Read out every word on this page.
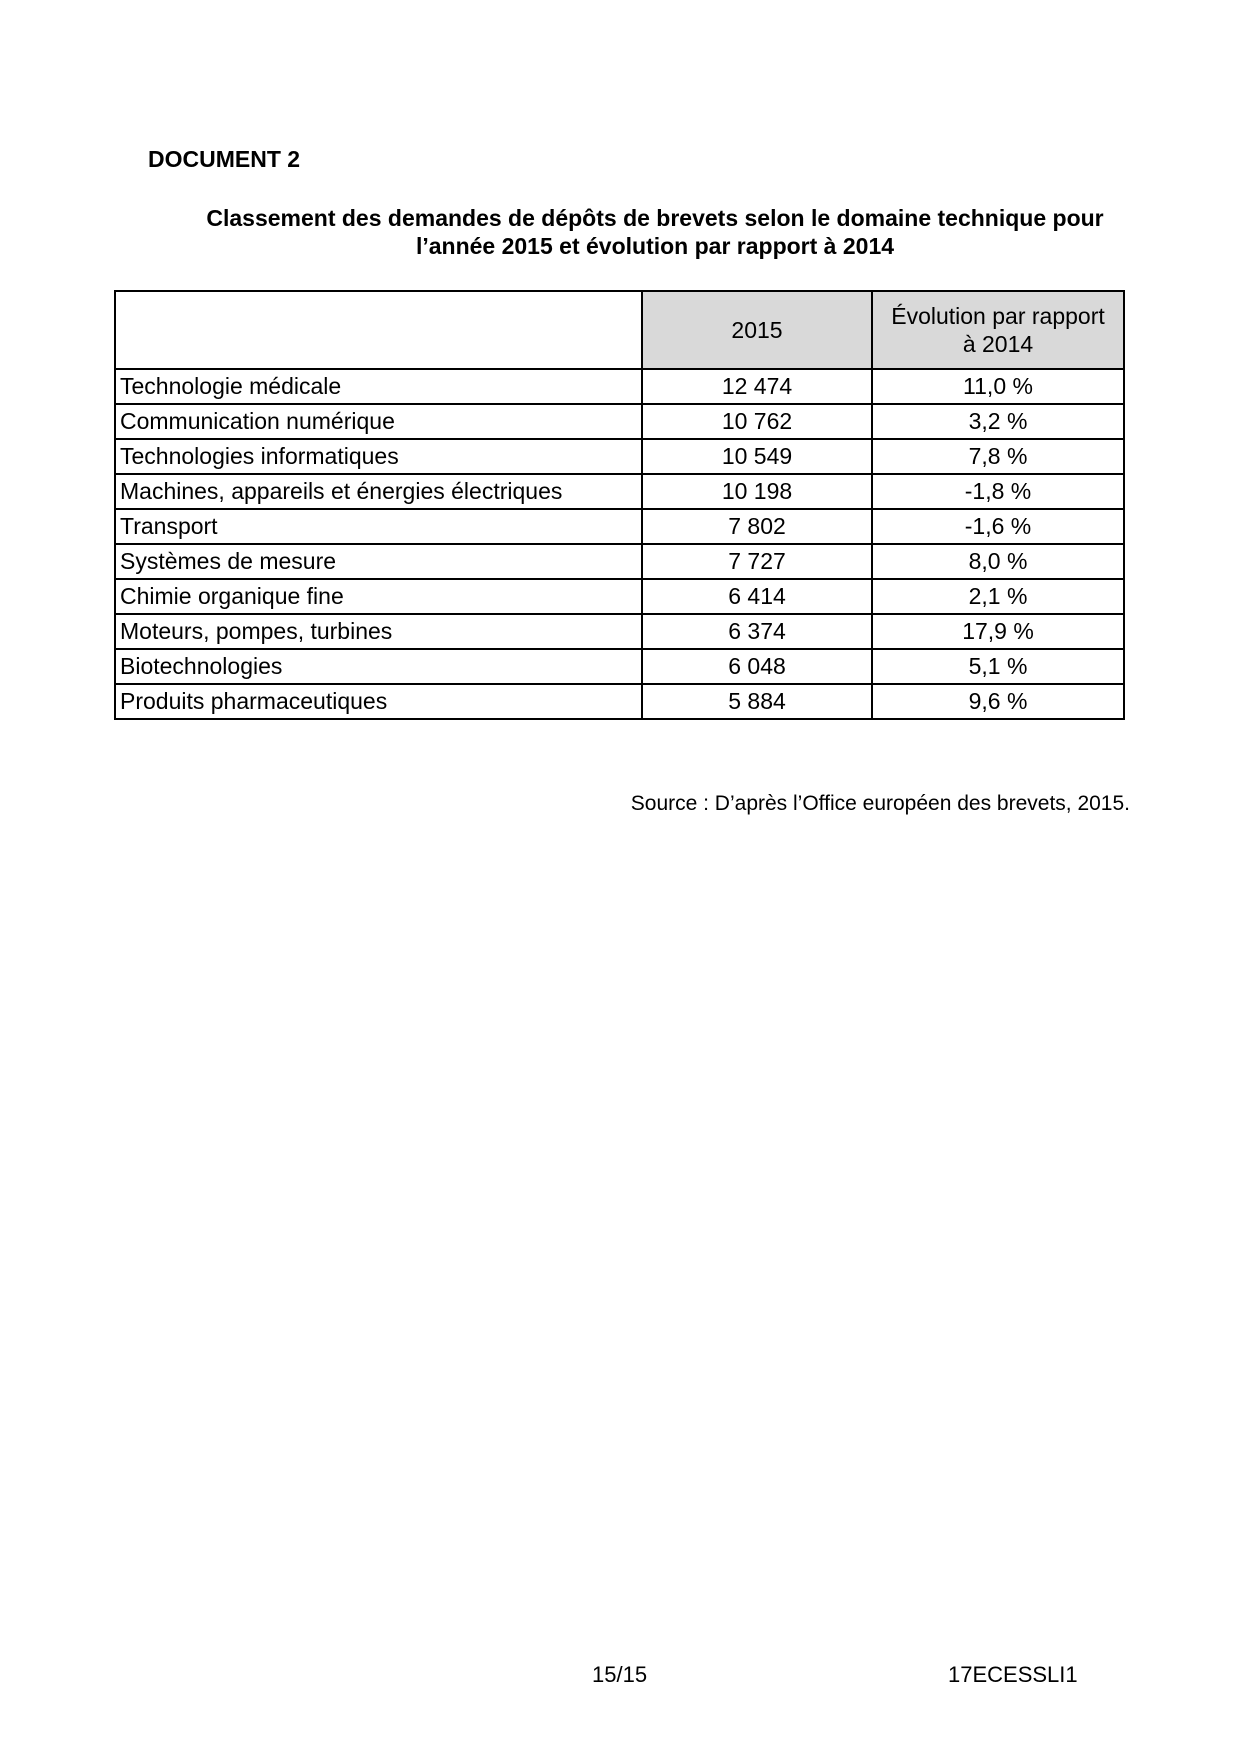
DOCUMENT 2
Classement des demandes de dépôts de brevets selon le domaine technique pour
l’année 2015 et évolution par rapport à 2014
	2015	Évolution par rapport
à 2014

Technologie médicale	12 474	11,0 %
Communication numérique	10 762	3,2 %
Technologies informatiques	10 549	7,8 %
Machines, appareils et énergies électriques	10 198	-1,8 %
Transport	7 802	-1,6 %
Systèmes de mesure	7 727	8,0 %
Chimie organique fine	6 414	2,1 %
Moteurs, pompes, turbines	6 374	17,9 %
Biotechnologies	6 048	5,1 %
Produits pharmaceutiques	5 884	9,6 %
Source : D’après l’Office européen des brevets, 2015.
15/15	17ECESSLI1
